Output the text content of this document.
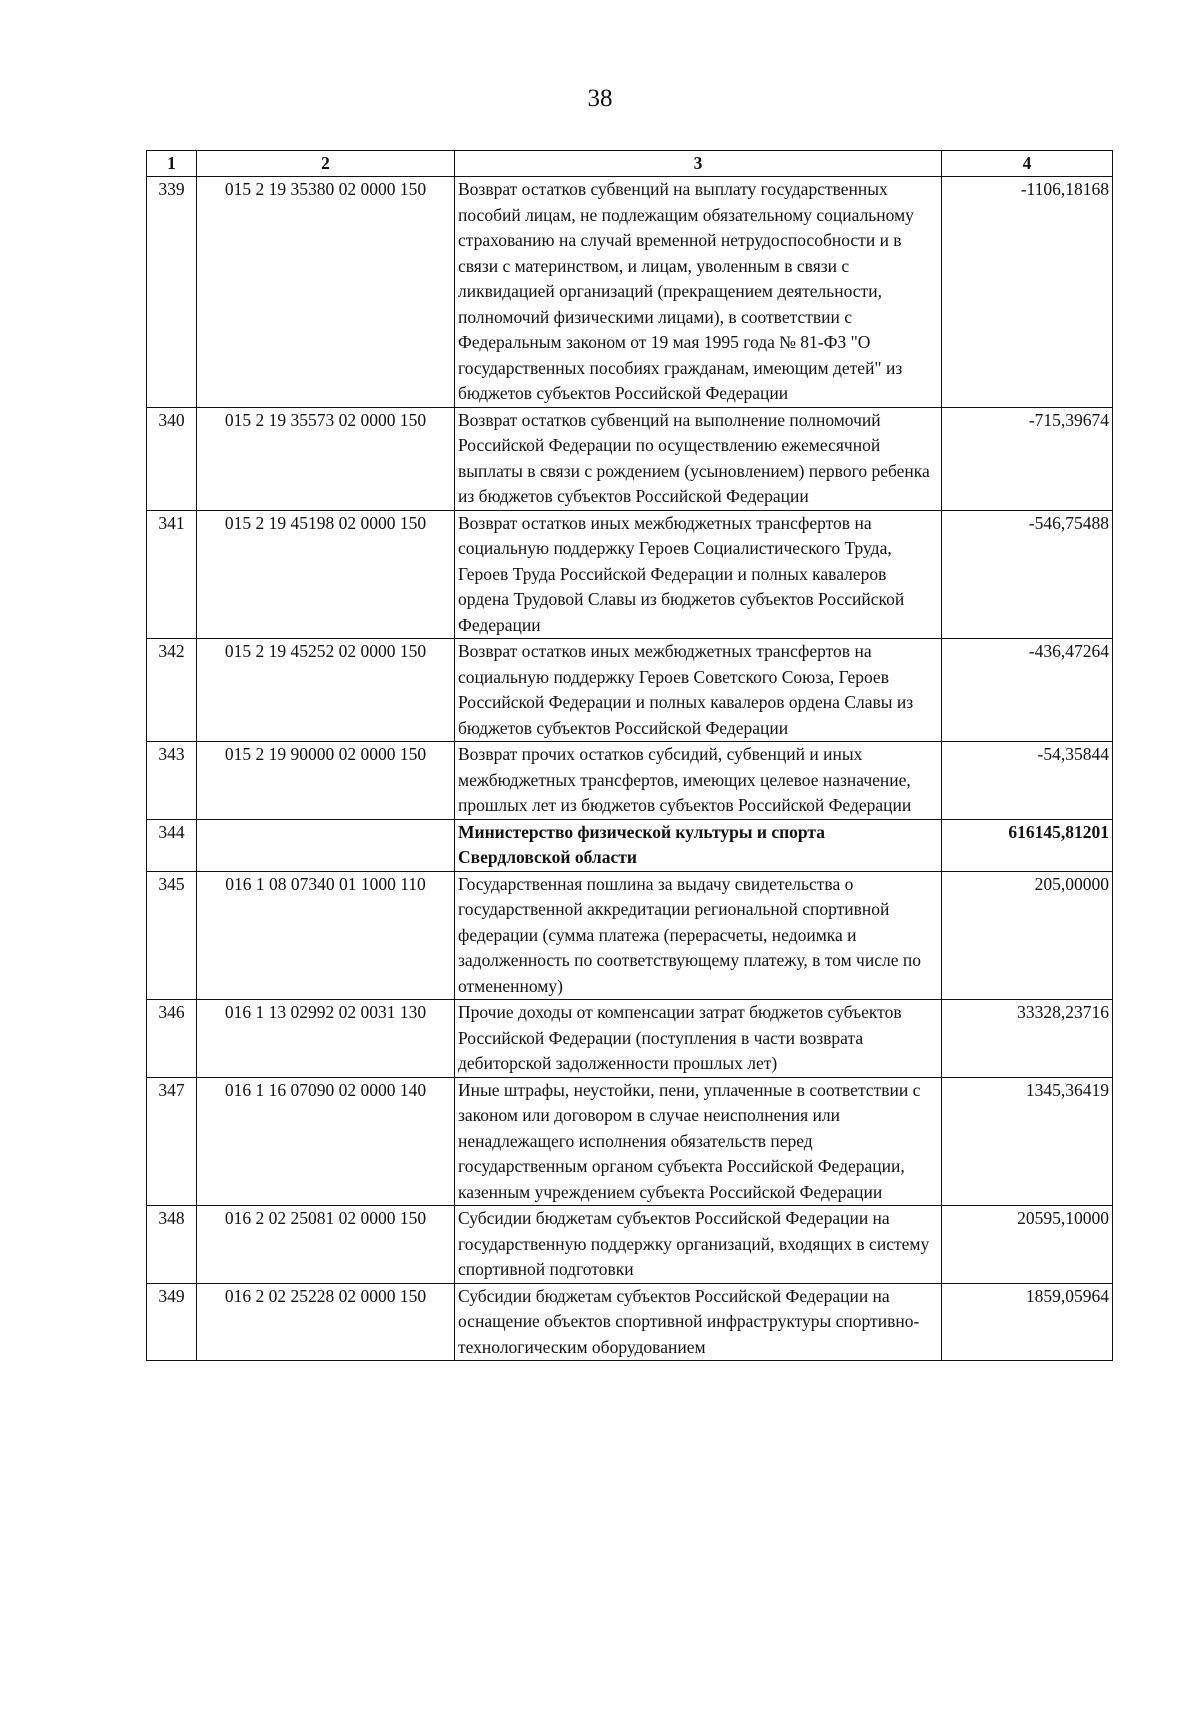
38
1	2	3	4
339	015 2 19 35380 02 0000 150	Возврат остатков субвенций на выплату государственных пособий лицам, не подлежащим обязательному социальному страхованию на случай временной нетрудоспособности и в связи с материнством, и лицам, уволенным в связи с ликвидацией организаций (прекращением деятельности, полномочий физическими лицами), в соответствии с Федеральным законом от 19 мая 1995 года № 81-ФЗ "О государственных пособиях гражданам, имеющим детей" из бюджетов субъектов Российской Федерации	-1106,18168
340	015 2 19 35573 02 0000 150	Возврат остатков субвенций на выполнение полномочий Российской Федерации по осуществлению ежемесячной выплаты в связи с рождением (усыновлением) первого ребенка из бюджетов субъектов Российской Федерации	-715,39674
341	015 2 19 45198 02 0000 150	Возврат остатков иных межбюджетных трансфертов на социальную поддержку Героев Социалистического Труда, Героев Труда Российской Федерации и полных кавалеров ордена Трудовой Славы из бюджетов субъектов Российской Федерации	-546,75488
342	015 2 19 45252 02 0000 150	Возврат остатков иных межбюджетных трансфертов на социальную поддержку Героев Советского Союза, Героев Российской Федерации и полных кавалеров ордена Славы из бюджетов субъектов Российской Федерации	-436,47264
343	015 2 19 90000 02 0000 150	Возврат прочих остатков субсидий, субвенций и иных межбюджетных трансфертов, имеющих целевое назначение, прошлых лет из бюджетов субъектов Российской Федерации	-54,35844
344		Министерство физической культуры и спорта Свердловской области	616145,81201
345	016 1 08 07340 01 1000 110	Государственная пошлина за выдачу свидетельства о государственной аккредитации региональной спортивной федерации (сумма платежа (перерасчеты, недоимка и задолженность по соответствующему платежу, в том числе по отмененному)	205,00000
346	016 1 13 02992 02 0031 130	Прочие доходы от компенсации затрат бюджетов субъектов Российской Федерации (поступления в части возврата дебиторской задолженности прошлых лет)	33328,23716
347	016 1 16 07090 02 0000 140	Иные штрафы, неустойки, пени, уплаченные в соответствии с законом или договором в случае неисполнения или ненадлежащего исполнения обязательств перед государственным органом субъекта Российской Федерации, казенным учреждением субъекта Российской Федерации	1345,36419
348	016 2 02 25081 02 0000 150	Субсидии бюджетам субъектов Российской Федерации на государственную поддержку организаций, входящих в систему спортивной подготовки	20595,10000
349	016 2 02 25228 02 0000 150	Субсидии бюджетам субъектов Российской Федерации на оснащение объектов спортивной инфраструктуры спортивно-технологическим оборудованием	1859,05964
